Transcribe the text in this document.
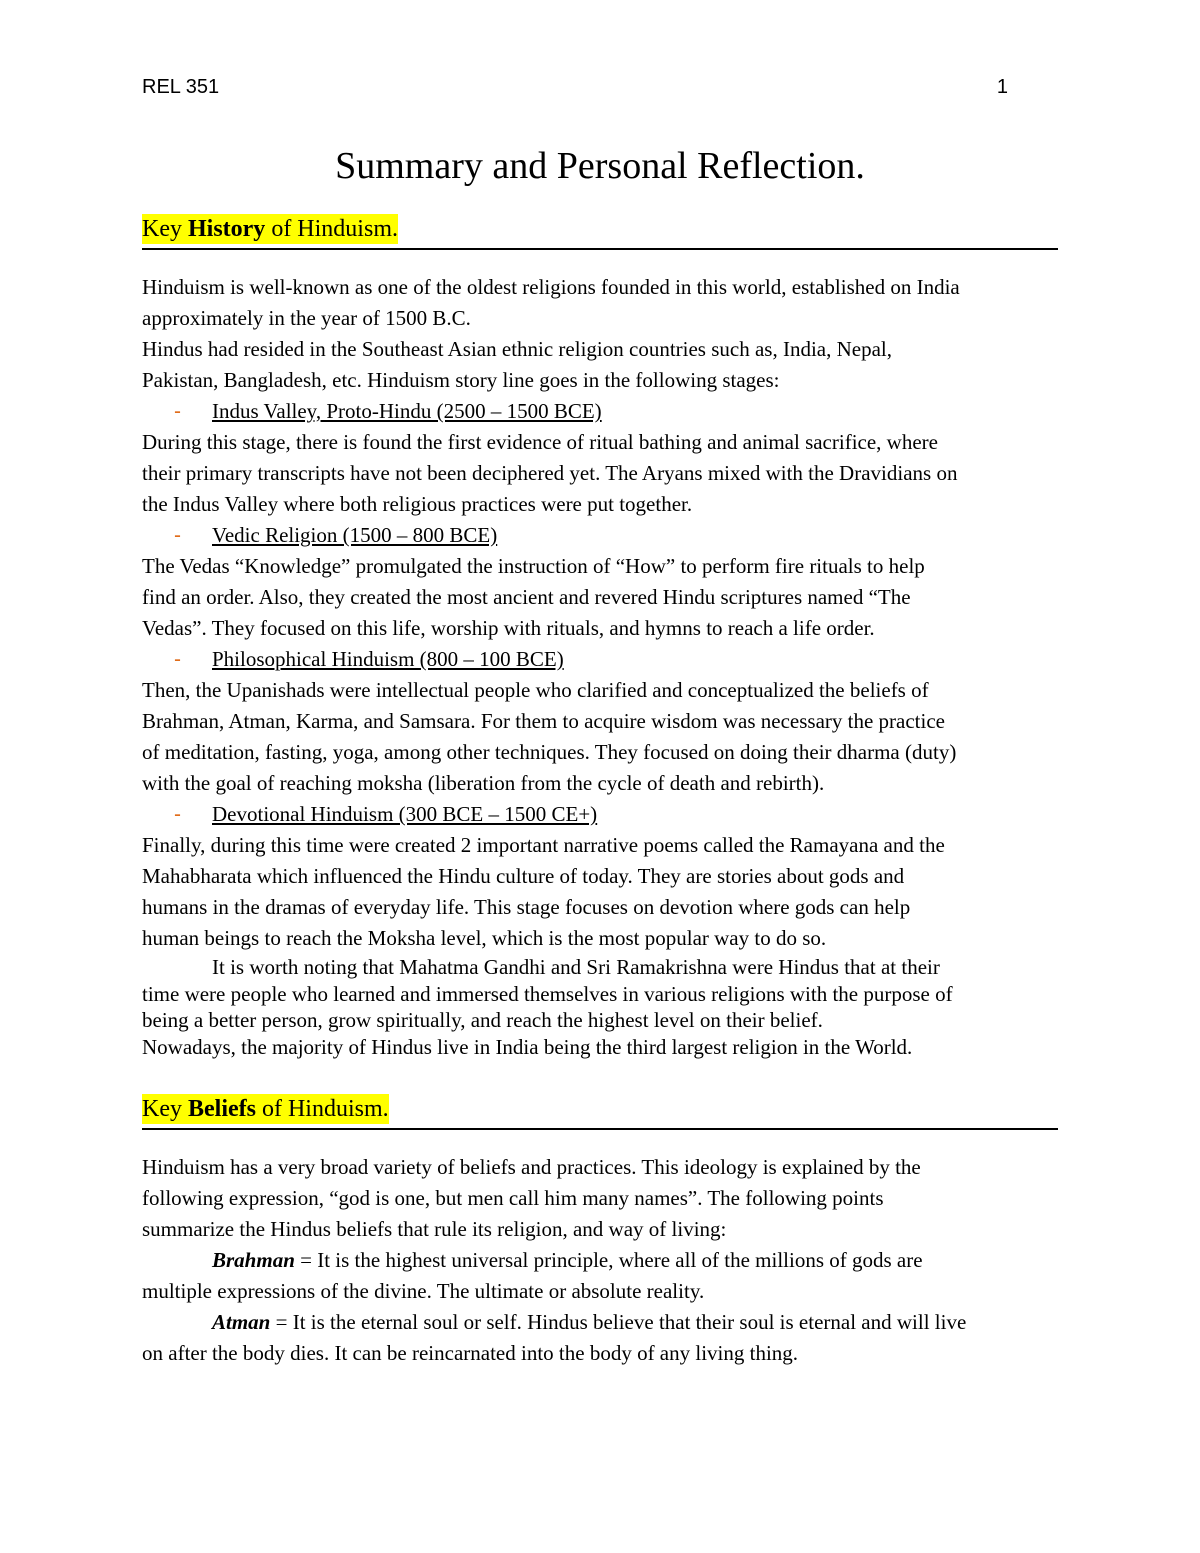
REL 351	1
Summary and Personal Reflection.
Key History of Hinduism.
Hinduism is well-known as one of the oldest religions founded in this world, established on India
approximately in the year of 1500 B.C.
Hindus had resided in the Southeast Asian ethnic religion countries such as, India, Nepal,
Pakistan, Bangladesh, etc. Hinduism story line goes in the following stages:
- Indus Valley, Proto-Hindu (2500 – 1500 BCE)
During this stage, there is found the first evidence of ritual bathing and animal sacrifice, where
their primary transcripts have not been deciphered yet. The Aryans mixed with the Dravidians on
the Indus Valley where both religious practices were put together.
- Vedic Religion (1500 – 800 BCE)
The Vedas “Knowledge” promulgated the instruction of “How” to perform fire rituals to help
find an order. Also, they created the most ancient and revered Hindu scriptures named “The
Vedas”. They focused on this life, worship with rituals, and hymns to reach a life order.
- Philosophical Hinduism (800 – 100 BCE)
Then, the Upanishads were intellectual people who clarified and conceptualized the beliefs of
Brahman, Atman, Karma, and Samsara. For them to acquire wisdom was necessary the practice
of meditation, fasting, yoga, among other techniques. They focused on doing their dharma (duty)
with the goal of reaching moksha (liberation from the cycle of death and rebirth).
- Devotional Hinduism (300 BCE – 1500 CE+)
Finally, during this time were created 2 important narrative poems called the Ramayana and the
Mahabharata which influenced the Hindu culture of today. They are stories about gods and
humans in the dramas of everyday life. This stage focuses on devotion where gods can help
human beings to reach the Moksha level, which is the most popular way to do so.
It is worth noting that Mahatma Gandhi and Sri Ramakrishna were Hindus that at their
time were people who learned and immersed themselves in various religions with the purpose of
being a better person, grow spiritually, and reach the highest level on their belief.
Nowadays, the majority of Hindus live in India being the third largest religion in the World.
Key Beliefs of Hinduism.
Hinduism has a very broad variety of beliefs and practices. This ideology is explained by the
following expression, “god is one, but men call him many names”. The following points
summarize the Hindus beliefs that rule its religion, and way of living:
Brahman = It is the highest universal principle, where all of the millions of gods are
multiple expressions of the divine. The ultimate or absolute reality.
Atman = It is the eternal soul or self. Hindus believe that their soul is eternal and will live
on after the body dies. It can be reincarnated into the body of any living thing.
